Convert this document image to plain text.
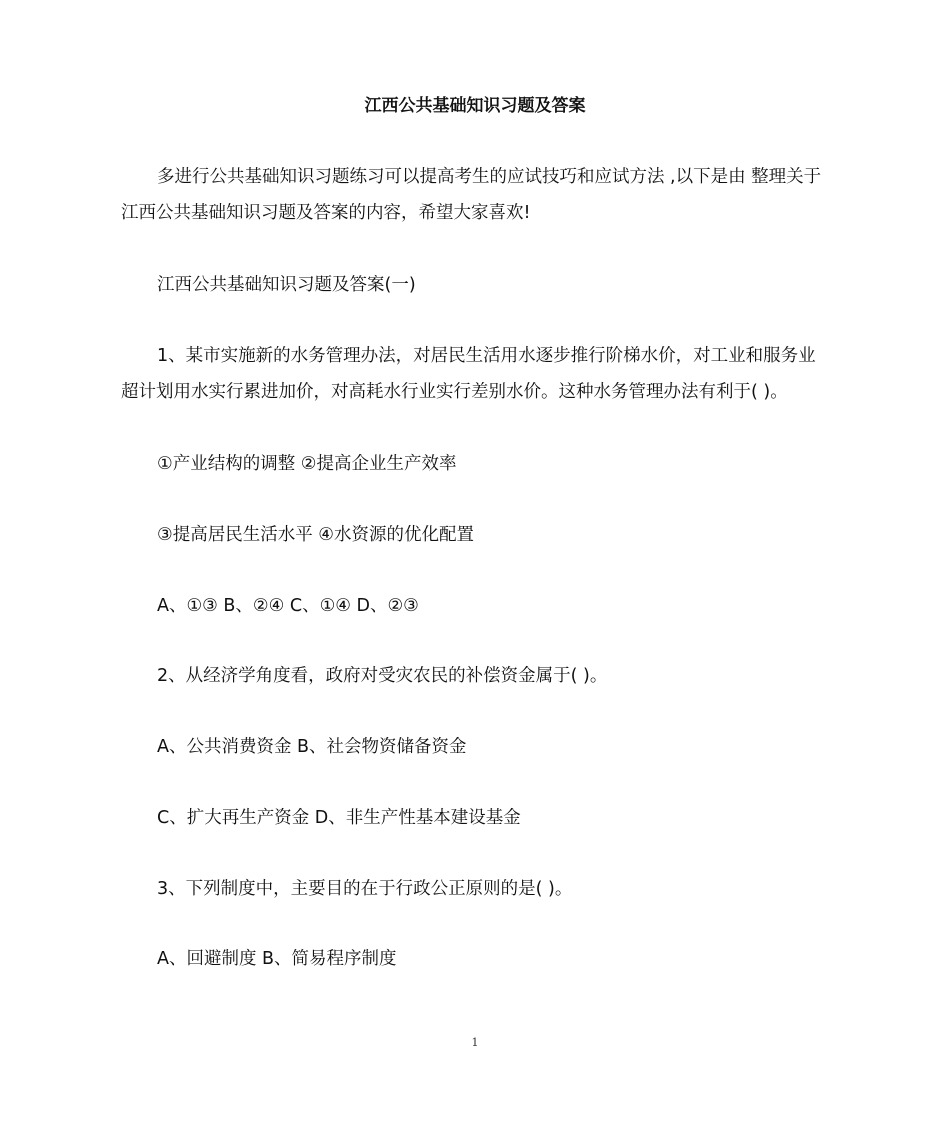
江西公共基础知识习题及答案
多进行公共基础知识习题练习可以提高考生的应试技巧和应试方法 ,以下是由 整理关于江西公共基础知识习题及答案的内容，希望大家喜欢!
江西公共基础知识习题及答案(一)
1、某市实施新的水务管理办法，对居民生活用水逐步推行阶梯水价，对工业和服务业超计划用水实行累进加价，对高耗水行业实行差别水价。这种水务管理办法有利于( )。
①产业结构的调整 ②提高企业生产效率
③提高居民生活水平 ④水资源的优化配置
A、①③ B、②④ C、①④ D、②③
2、从经济学角度看，政府对受灾农民的补偿资金属于( )。
A、公共消费资金 B、社会物资储备资金
C、扩大再生产资金 D、非生产性基本建设基金
3、下列制度中，主要目的在于行政公正原则的是( )。
A、回避制度 B、简易程序制度
1
